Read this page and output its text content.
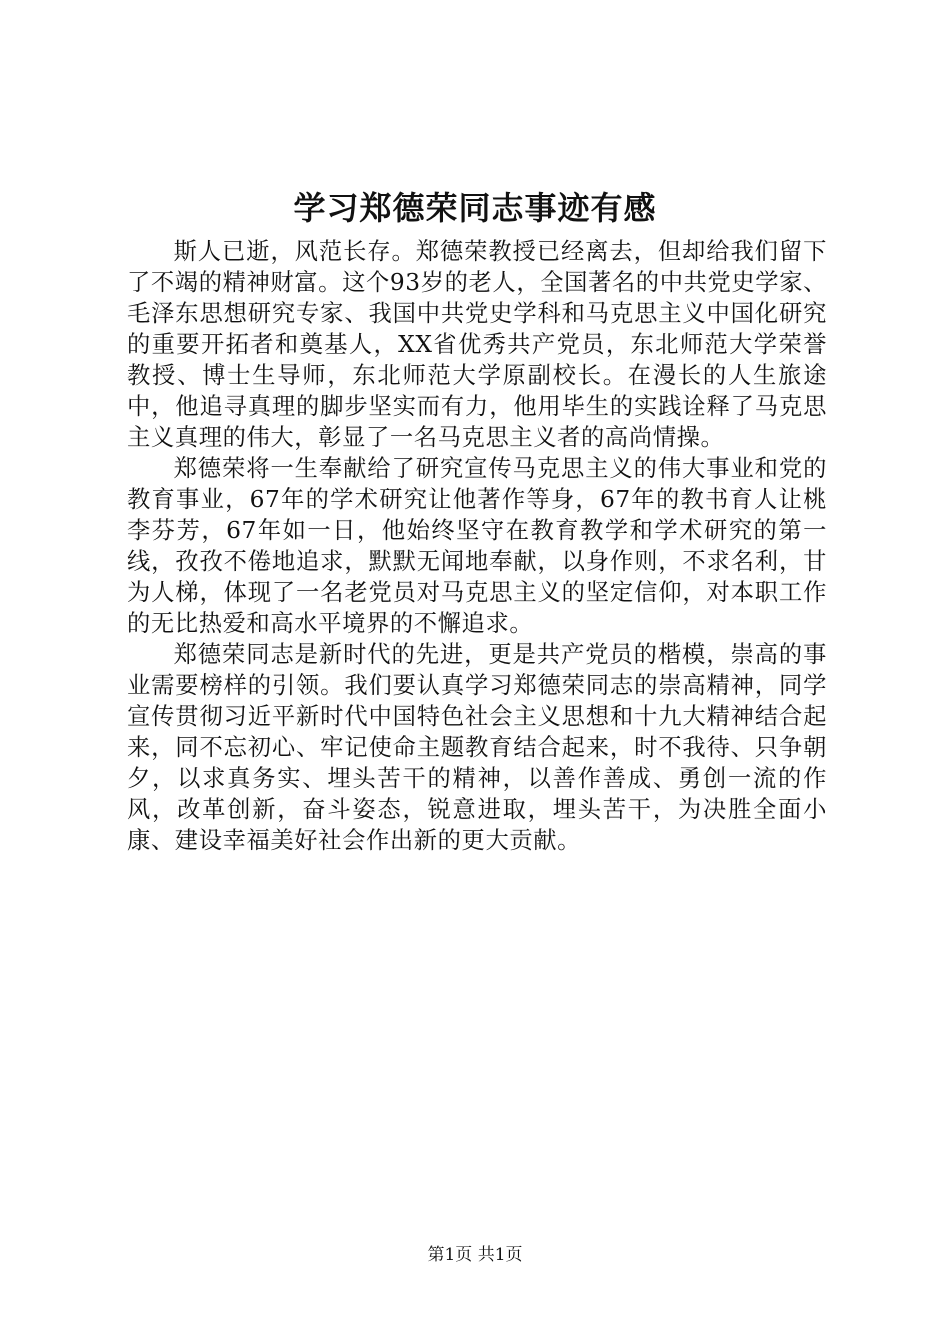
学习郑德荣同志事迹有感

斯人已逝，风范长存。郑德荣教授已经离去，但却给我们留下了不竭的精神财富。这个93岁的老人，全国著名的中共党史学家、毛泽东思想研究专家、我国中共党史学科和马克思主义中国化研究的重要开拓者和奠基人，XX省优秀共产党员，东北师范大学荣誉教授、博士生导师，东北师范大学原副校长。在漫长的人生旅途中，他追寻真理的脚步坚实而有力，他用毕生的实践诠释了马克思主义真理的伟大，彰显了一名马克思主义者的高尚情操。

郑德荣将一生奉献给了研究宣传马克思主义的伟大事业和党的教育事业，67年的学术研究让他著作等身，67年的教书育人让桃李芬芳，67年如一日，他始终坚守在教育教学和学术研究的第一线，孜孜不倦地追求，默默无闻地奉献，以身作则，不求名利，甘为人梯，体现了一名老党员对马克思主义的坚定信仰，对本职工作的无比热爱和高水平境界的不懈追求。

郑德荣同志是新时代的先进，更是共产党员的楷模，崇高的事业需要榜样的引领。我们要认真学习郑德荣同志的崇高精神，同学宣传贯彻习近平新时代中国特色社会主义思想和十九大精神结合起来，同不忘初心、牢记使命主题教育结合起来，时不我待、只争朝夕，以求真务实、埋头苦干的精神，以善作善成、勇创一流的作风，改革创新，奋斗姿态，锐意进取，埋头苦干，为决胜全面小康、建设幸福美好社会作出新的更大贡献。

第1页 共1页
